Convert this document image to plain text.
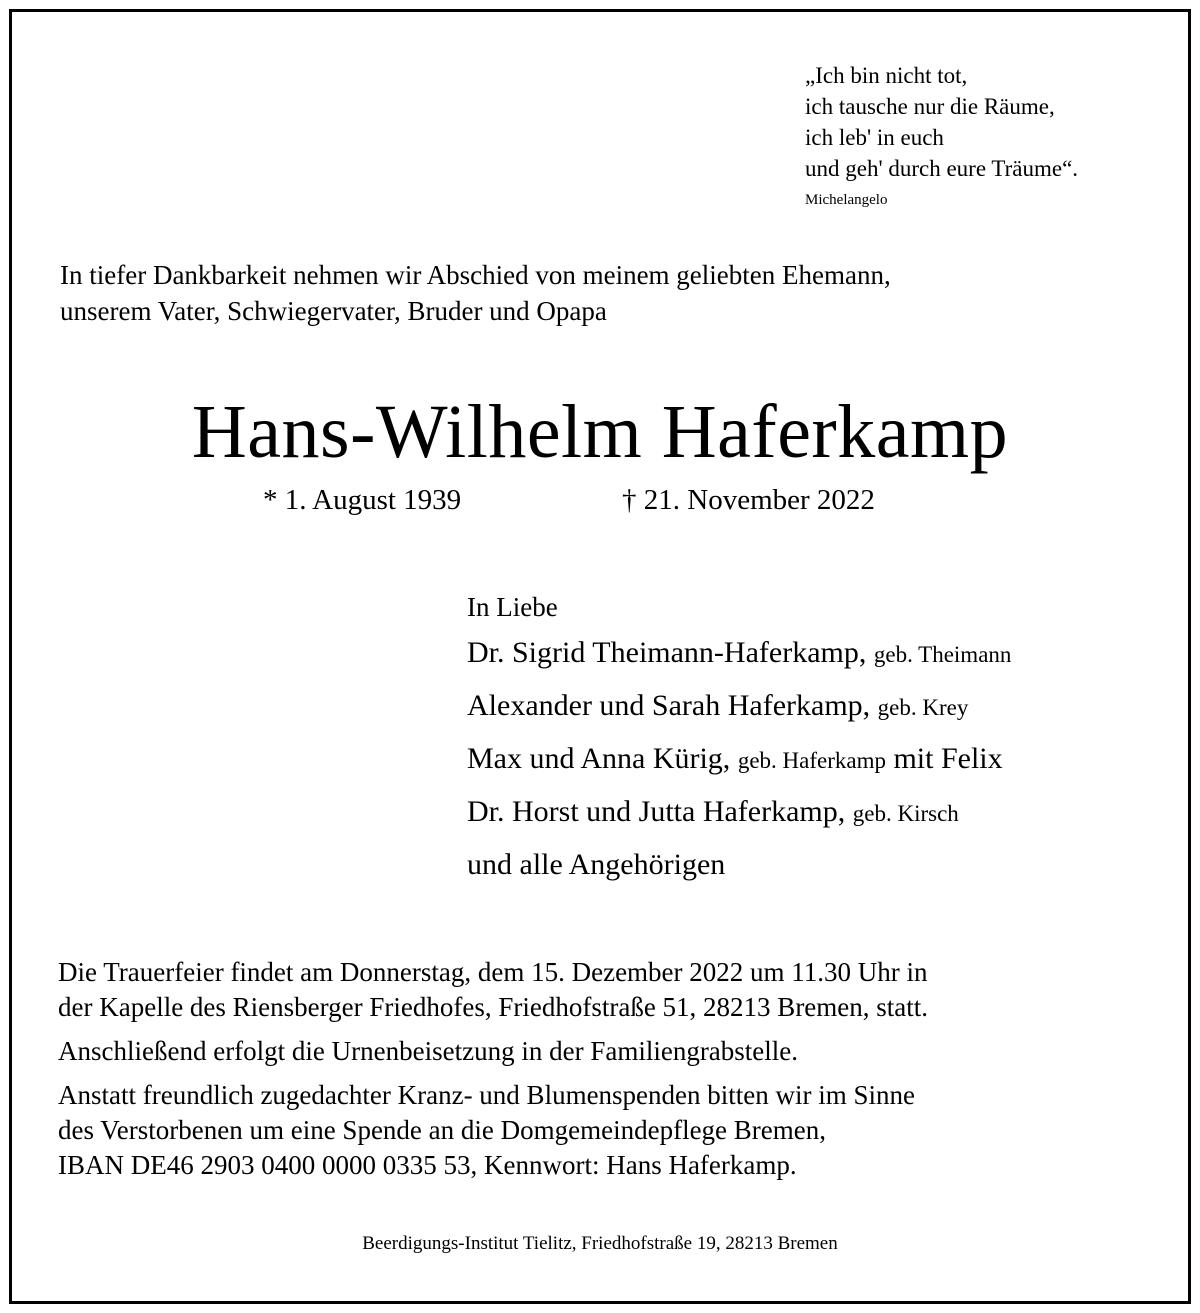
„Ich bin nicht tot,
ich tausche nur die Räume,
ich leb' in euch
und geh' durch eure Träume“.
Michelangelo
In tiefer Dankbarkeit nehmen wir Abschied von meinem geliebten Ehemann,
unserem Vater, Schwiegervater, Bruder und Opapa
Hans-Wilhelm Haferkamp
* 1. August 1939	† 21. November 2022
In Liebe
Dr. Sigrid Theimann-Haferkamp, geb. Theimann
Alexander und Sarah Haferkamp, geb. Krey
Max und Anna Kürig, geb. Haferkamp mit Felix
Dr. Horst und Jutta Haferkamp, geb. Kirsch
und alle Angehörigen
Die Trauerfeier findet am Donnerstag, dem 15. Dezember 2022 um 11.30 Uhr in
der Kapelle des Riensberger Friedhofes, Friedhofstraße 51, 28213 Bremen, statt.
Anschließend erfolgt die Urnenbeisetzung in der Familiengrabstelle.
Anstatt freundlich zugedachter Kranz- und Blumenspenden bitten wir im Sinne
des Verstorbenen um eine Spende an die Domgemeindepflege Bremen,
IBAN DE46 2903 0400 0000 0335 53, Kennwort: Hans Haferkamp.
Beerdigungs-Institut Tielitz, Friedhofstraße 19, 28213 Bremen
